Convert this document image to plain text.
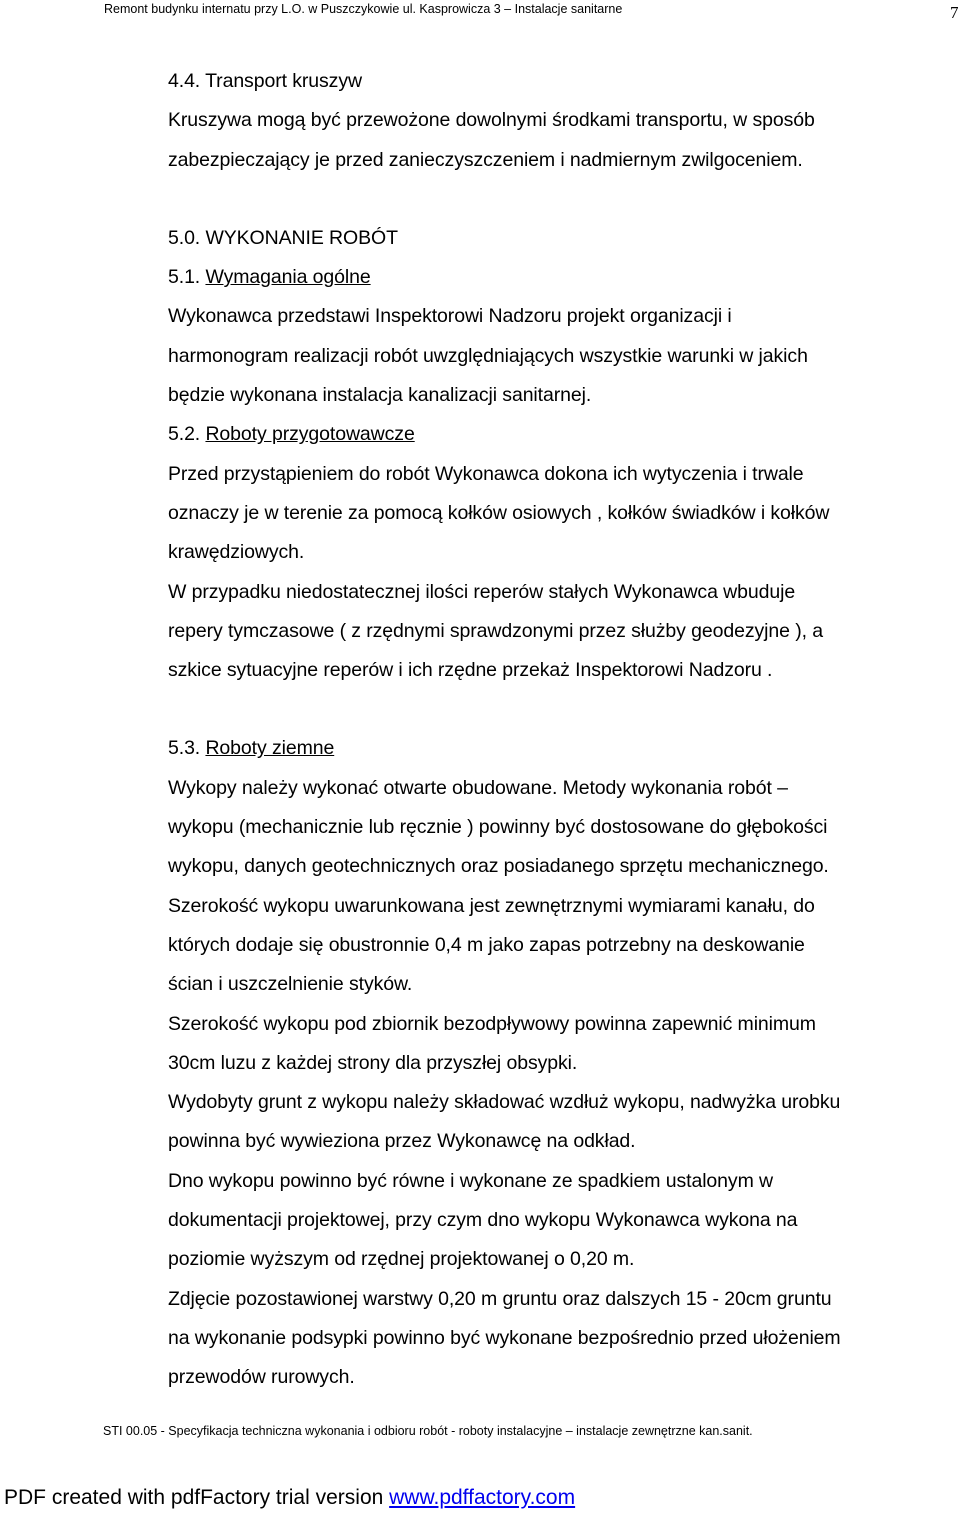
Remont budynku internatu przy L.O. w Puszczykowie ul. Kasprowicza 3 – Instalacje sanitarne	7

4.4. Transport kruszyw

Kruszywa mogą być przewożone dowolnymi środkami transportu, w sposób

zabezpieczający je przed zanieczyszczeniem i nadmiernym zwilgoceniem.

5.0. WYKONANIE ROBÓT

5.1. Wymagania ogólne

Wykonawca przedstawi Inspektorowi Nadzoru projekt organizacji i

harmonogram realizacji robót uwzględniających wszystkie warunki w jakich

będzie wykonana instalacja kanalizacji sanitarnej.

5.2. Roboty przygotowawcze

Przed przystąpieniem do robót Wykonawca dokona ich wytyczenia i trwale

oznaczy je w terenie za pomocą kołków osiowych , kołków świadków i kołków

krawędziowych.

W przypadku niedostatecznej ilości reperów stałych Wykonawca wbuduje

repery tymczasowe ( z rzędnymi sprawdzonymi przez służby geodezyjne ), a

szkice sytuacyjne reperów i ich rzędne przekaż Inspektorowi Nadzoru .

5.3. Roboty ziemne

Wykopy należy wykonać otwarte obudowane. Metody wykonania robót –

wykopu (mechanicznie lub ręcznie ) powinny być dostosowane do głębokości

wykopu, danych geotechnicznych oraz posiadanego sprzętu mechanicznego.

Szerokość wykopu uwarunkowana jest zewnętrznymi wymiarami kanału, do

których dodaje się obustronnie 0,4 m jako zapas potrzebny na deskowanie

ścian i uszczelnienie styków.

Szerokość wykopu pod zbiornik bezodpływowy powinna zapewnić minimum

30cm luzu z każdej strony dla przyszłej obsypki.

Wydobyty grunt z wykopu należy składować wzdłuż wykopu, nadwyżka urobku

powinna być wywieziona przez Wykonawcę na odkład.

Dno wykopu powinno być równe i wykonane ze spadkiem ustalonym w

dokumentacji projektowej, przy czym dno wykopu Wykonawca wykona na

poziomie wyższym od rzędnej projektowanej o 0,20 m.

Zdjęcie pozostawionej warstwy 0,20 m gruntu oraz dalszych 15 - 20cm gruntu

na wykonanie podsypki powinno być wykonane bezpośrednio przed ułożeniem

przewodów rurowych.

STI 00.05 - Specyfikacja techniczna wykonania i odbioru robót - roboty instalacyjne – instalacje zewnętrzne kan.sanit.
PDF created with pdfFactory trial version www.pdffactory.com
